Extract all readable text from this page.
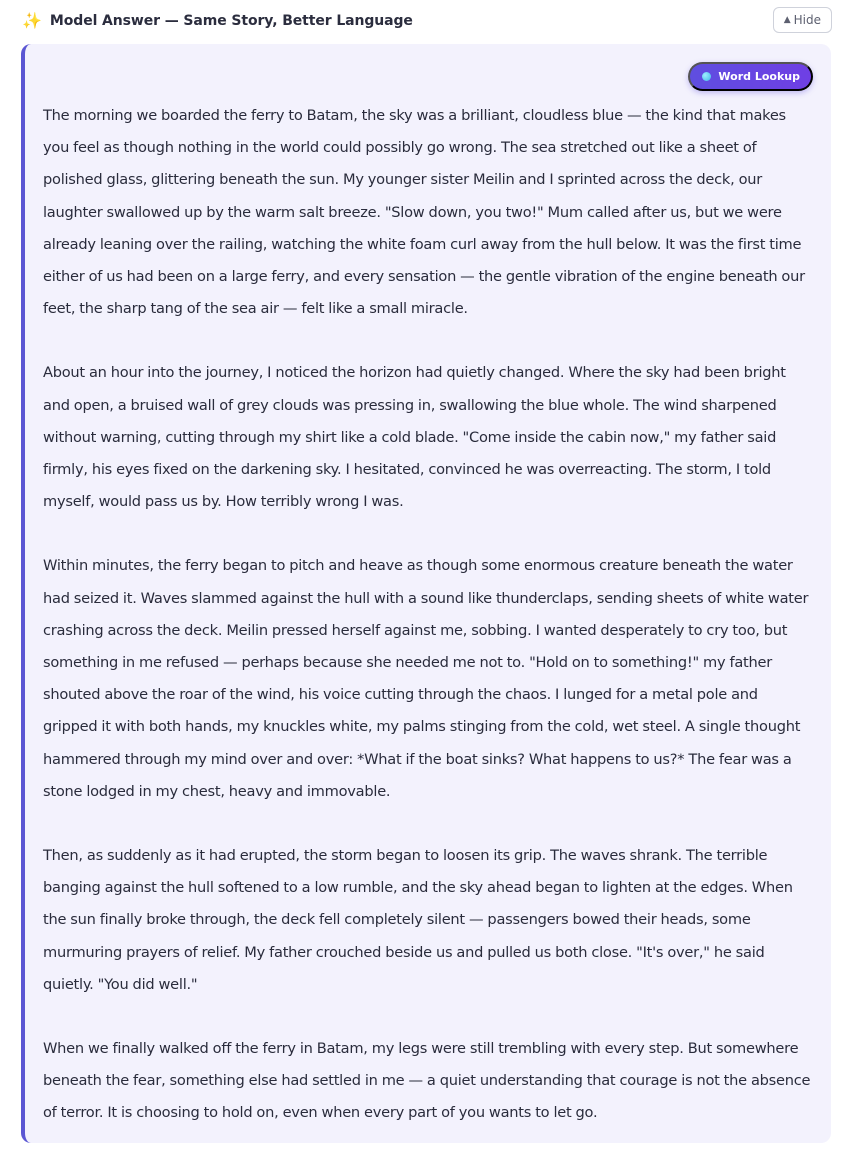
✨ Model Answer — Same Story, Better Language	▲ Hide
Word Lookup

The morning we boarded the ferry to Batam, the sky was a brilliant, cloudless blue — the kind that makes you feel as though nothing in the world could possibly go wrong. The sea stretched out like a sheet of polished glass, glittering beneath the sun. My younger sister Meilin and I sprinted across the deck, our laughter swallowed up by the warm salt breeze. "Slow down, you two!" Mum called after us, but we were already leaning over the railing, watching the white foam curl away from the hull below. It was the first time either of us had been on a large ferry, and every sensation — the gentle vibration of the engine beneath our feet, the sharp tang of the sea air — felt like a small miracle.

About an hour into the journey, I noticed the horizon had quietly changed. Where the sky had been bright and open, a bruised wall of grey clouds was pressing in, swallowing the blue whole. The wind sharpened without warning, cutting through my shirt like a cold blade. "Come inside the cabin now," my father said firmly, his eyes fixed on the darkening sky. I hesitated, convinced he was overreacting. The storm, I told myself, would pass us by. How terribly wrong I was.

Within minutes, the ferry began to pitch and heave as though some enormous creature beneath the water had seized it. Waves slammed against the hull with a sound like thunderclaps, sending sheets of white water crashing across the deck. Meilin pressed herself against me, sobbing. I wanted desperately to cry too, but something in me refused — perhaps because she needed me not to. "Hold on to something!" my father shouted above the roar of the wind, his voice cutting through the chaos. I lunged for a metal pole and gripped it with both hands, my knuckles white, my palms stinging from the cold, wet steel. A single thought hammered through my mind over and over: *What if the boat sinks? What happens to us?* The fear was a stone lodged in my chest, heavy and immovable.

Then, as suddenly as it had erupted, the storm began to loosen its grip. The waves shrank. The terrible banging against the hull softened to a low rumble, and the sky ahead began to lighten at the edges. When the sun finally broke through, the deck fell completely silent — passengers bowed their heads, some murmuring prayers of relief. My father crouched beside us and pulled us both close. "It's over," he said quietly. "You did well."

When we finally walked off the ferry in Batam, my legs were still trembling with every step. But somewhere beneath the fear, something else had settled in me — a quiet understanding that courage is not the absence of terror. It is choosing to hold on, even when every part of you wants to let go.
